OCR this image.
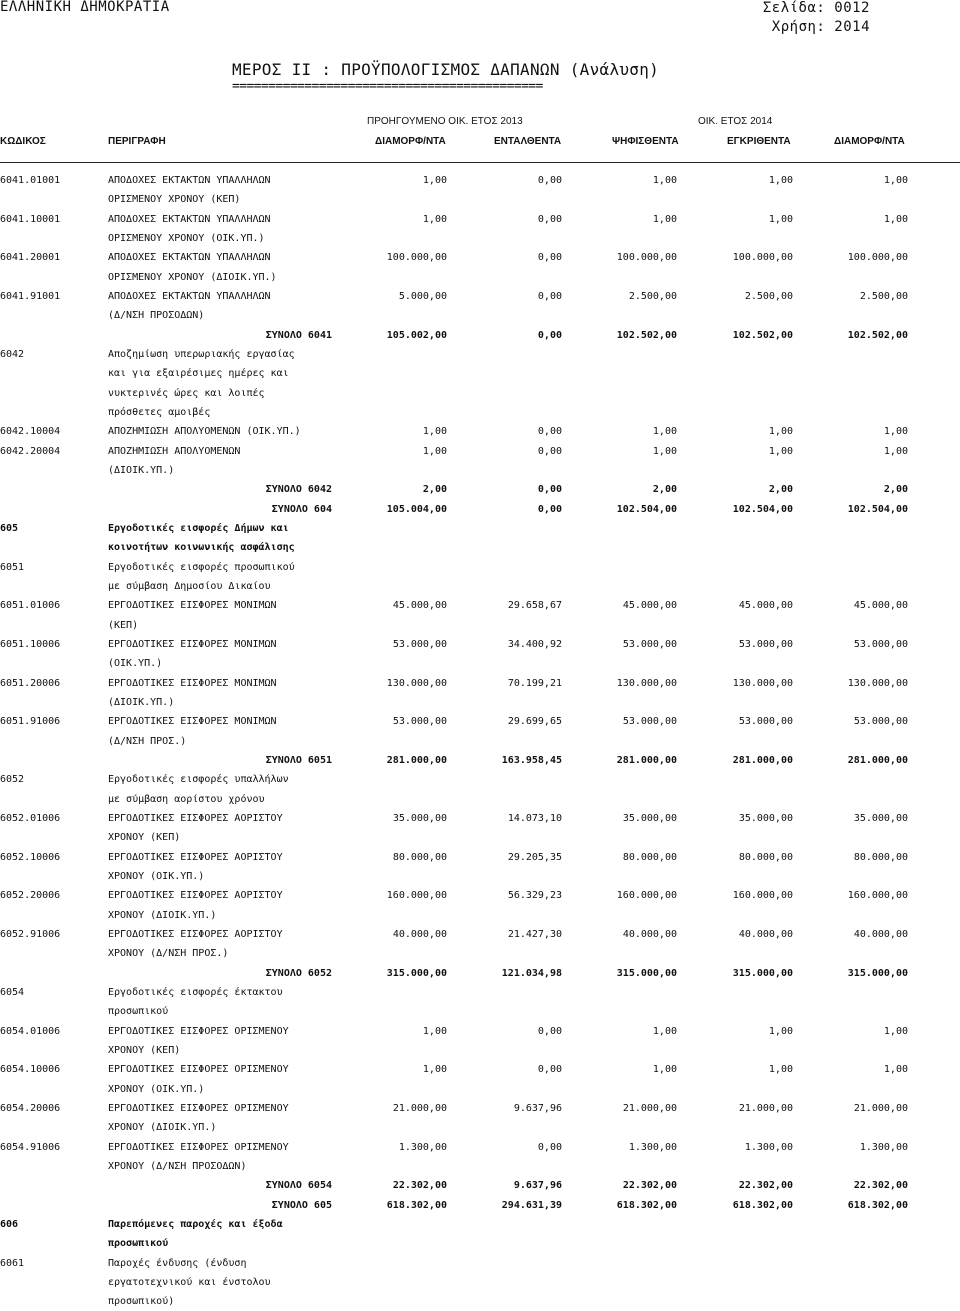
ΕΛΛΗΝΙΚΗ ΔΗΜΟΚΡΑΤΙΑ	Σελίδα: 0012
Χρήση: 2014
ΜΕΡΟΣ II : ΠΡΟΫΠΟΛΟΓΙΣΜΟΣ ΔΑΠΑΝΩΝ (Ανάλυση)
===========================================
ΠΡΟΗΓΟΥΜΕΝΟ ΟΙΚ. ΕΤΟΣ 2013	ΟΙΚ. ΕΤΟΣ 2014
ΚΩΔΙΚΟΣ	ΠΕΡΙΓΡΑΦΗ	ΔΙΑΜΟΡΦ/ΝΤΑ	ΕΝΤΑΛΘΕΝΤΑ	ΨΗΦΙΣΘΕΝΤΑ	ΕΓΚΡΙΘΕΝΤΑ	ΔΙΑΜΟΡΦ/ΝΤΑ
6041.01001	ΑΠΟΔΟΧΕΣ ΕΚΤΑΚΤΩΝ ΥΠΑΛΛΗΛΩΝ	1,00	0,00	1,00	1,00	1,00
ΟΡΙΣΜΕΝΟΥ ΧΡΟΝΟΥ (ΚΕΠ)
6041.10001	ΑΠΟΔΟΧΕΣ ΕΚΤΑΚΤΩΝ ΥΠΑΛΛΗΛΩΝ	1,00	0,00	1,00	1,00	1,00
ΟΡΙΣΜΕΝΟΥ ΧΡΟΝΟΥ (ΟΙΚ.ΥΠ.)
6041.20001	ΑΠΟΔΟΧΕΣ ΕΚΤΑΚΤΩΝ ΥΠΑΛΛΗΛΩΝ	100.000,00	0,00	100.000,00	100.000,00	100.000,00
ΟΡΙΣΜΕΝΟΥ ΧΡΟΝΟΥ (ΔΙΟΙΚ.ΥΠ.)
6041.91001	ΑΠΟΔΟΧΕΣ ΕΚΤΑΚΤΩΝ ΥΠΑΛΛΗΛΩΝ	5.000,00	0,00	2.500,00	2.500,00	2.500,00
(Δ/ΝΣΗ ΠΡΟΣΟΔΩΝ)
ΣΥΝΟΛΟ 6041	105.002,00	0,00	102.502,00	102.502,00	102.502,00
6042	Αποζημίωση υπερωριακής εργασίας
και για εξαιρέσιμες ημέρες και
νυκτερινές ώρες και λοιπές
πρόσθετες αμοιβές
6042.10004	ΑΠΟΖΗΜΙΩΣΗ ΑΠΟΛΥΟΜΕΝΩΝ (ΟΙΚ.ΥΠ.)	1,00	0,00	1,00	1,00	1,00
6042.20004	ΑΠΟΖΗΜΙΩΣΗ ΑΠΟΛΥΟΜΕΝΩΝ	1,00	0,00	1,00	1,00	1,00
(ΔΙΟΙΚ.ΥΠ.)
ΣΥΝΟΛΟ 6042	2,00	0,00	2,00	2,00	2,00
ΣΥΝΟΛΟ 604	105.004,00	0,00	102.504,00	102.504,00	102.504,00
605	Εργοδοτικές εισφορές Δήμων και
κοινοτήτων κοινωνικής ασφάλισης
6051	Εργοδοτικές εισφορές προσωπικού
με σύμβαση Δημοσίου Δικαίου
6051.01006	ΕΡΓΟΔΟΤΙΚΕΣ ΕΙΣΦΟΡΕΣ ΜΟΝΙΜΩΝ	45.000,00	29.658,67	45.000,00	45.000,00	45.000,00
(ΚΕΠ)
6051.10006	ΕΡΓΟΔΟΤΙΚΕΣ ΕΙΣΦΟΡΕΣ ΜΟΝΙΜΩΝ	53.000,00	34.400,92	53.000,00	53.000,00	53.000,00
(ΟΙΚ.ΥΠ.)
6051.20006	ΕΡΓΟΔΟΤΙΚΕΣ ΕΙΣΦΟΡΕΣ ΜΟΝΙΜΩΝ	130.000,00	70.199,21	130.000,00	130.000,00	130.000,00
(ΔΙΟΙΚ.ΥΠ.)
6051.91006	ΕΡΓΟΔΟΤΙΚΕΣ ΕΙΣΦΟΡΕΣ ΜΟΝΙΜΩΝ	53.000,00	29.699,65	53.000,00	53.000,00	53.000,00
(Δ/ΝΣΗ ΠΡΟΣ.)
ΣΥΝΟΛΟ 6051	281.000,00	163.958,45	281.000,00	281.000,00	281.000,00
6052	Εργοδοτικές εισφορές υπαλλήλων
με σύμβαση αορίστου χρόνου
6052.01006	ΕΡΓΟΔΟΤΙΚΕΣ ΕΙΣΦΟΡΕΣ ΑΟΡΙΣΤΟΥ	35.000,00	14.073,10	35.000,00	35.000,00	35.000,00
ΧΡΟΝΟΥ (ΚΕΠ)
6052.10006	ΕΡΓΟΔΟΤΙΚΕΣ ΕΙΣΦΟΡΕΣ ΑΟΡΙΣΤΟΥ	80.000,00	29.205,35	80.000,00	80.000,00	80.000,00
ΧΡΟΝΟΥ (ΟΙΚ.ΥΠ.)
6052.20006	ΕΡΓΟΔΟΤΙΚΕΣ ΕΙΣΦΟΡΕΣ ΑΟΡΙΣΤΟΥ	160.000,00	56.329,23	160.000,00	160.000,00	160.000,00
ΧΡΟΝΟΥ (ΔΙΟΙΚ.ΥΠ.)
6052.91006	ΕΡΓΟΔΟΤΙΚΕΣ ΕΙΣΦΟΡΕΣ ΑΟΡΙΣΤΟΥ	40.000,00	21.427,30	40.000,00	40.000,00	40.000,00
ΧΡΟΝΟΥ (Δ/ΝΣΗ ΠΡΟΣ.)
ΣΥΝΟΛΟ 6052	315.000,00	121.034,98	315.000,00	315.000,00	315.000,00
6054	Εργοδοτικές εισφορές έκτακτου
προσωπικού
6054.01006	ΕΡΓΟΔΟΤΙΚΕΣ ΕΙΣΦΟΡΕΣ ΟΡΙΣΜΕΝΟΥ	1,00	0,00	1,00	1,00	1,00
ΧΡΟΝΟΥ (ΚΕΠ)
6054.10006	ΕΡΓΟΔΟΤΙΚΕΣ ΕΙΣΦΟΡΕΣ ΟΡΙΣΜΕΝΟΥ	1,00	0,00	1,00	1,00	1,00
ΧΡΟΝΟΥ (ΟΙΚ.ΥΠ.)
6054.20006	ΕΡΓΟΔΟΤΙΚΕΣ ΕΙΣΦΟΡΕΣ ΟΡΙΣΜΕΝΟΥ	21.000,00	9.637,96	21.000,00	21.000,00	21.000,00
ΧΡΟΝΟΥ (ΔΙΟΙΚ.ΥΠ.)
6054.91006	ΕΡΓΟΔΟΤΙΚΕΣ ΕΙΣΦΟΡΕΣ ΟΡΙΣΜΕΝΟΥ	1.300,00	0,00	1.300,00	1.300,00	1.300,00
ΧΡΟΝΟΥ (Δ/ΝΣΗ ΠΡΟΣΟΔΩΝ)
ΣΥΝΟΛΟ 6054	22.302,00	9.637,96	22.302,00	22.302,00	22.302,00
ΣΥΝΟΛΟ 605	618.302,00	294.631,39	618.302,00	618.302,00	618.302,00
606	Παρεπόμενες παροχές και έξοδα
προσωπικού
6061	Παροχές ένδυσης (ένδυση
εργατοτεχνικού και ένστολου
προσωπικού)
